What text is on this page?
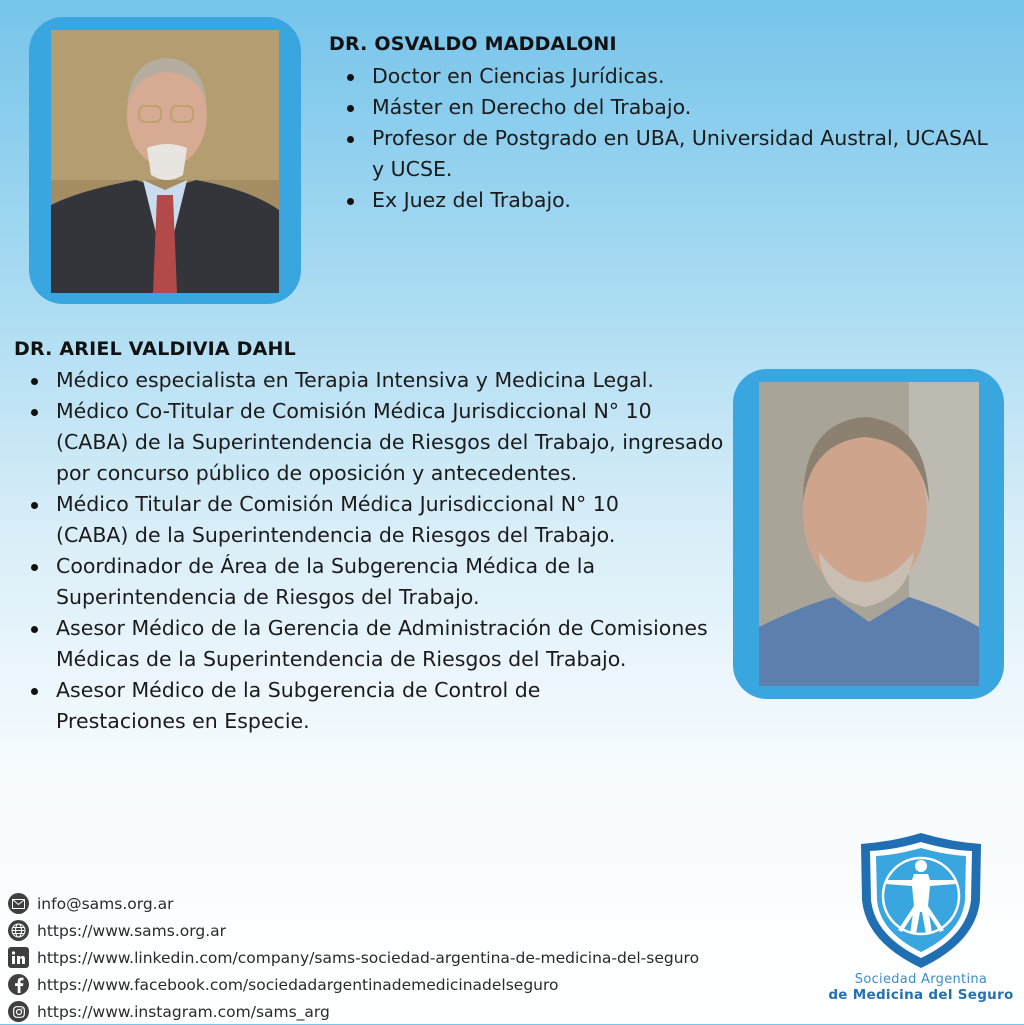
DR. OSVALDO MADDALONI
Doctor en Ciencias Jurídicas.
Máster en Derecho del Trabajo.
Profesor de Postgrado en UBA, Universidad Austral, UCASAL y UCSE.
Ex Juez del Trabajo.
DR. ARIEL VALDIVIA DAHL
Médico especialista en Terapia Intensiva y Medicina Legal.
Médico Co-Titular de Comisión Médica Jurisdiccional N° 10 (CABA) de la Superintendencia de Riesgos del Trabajo, ingresado por concurso público de oposición y antecedentes.
Médico Titular de Comisión Médica Jurisdiccional N° 10 (CABA) de la Superintendencia de Riesgos del Trabajo.
Coordinador de Área de la Subgerencia Médica de la Superintendencia de Riesgos del Trabajo.
Asesor Médico de la Gerencia de Administración de Comisiones Médicas de la Superintendencia de Riesgos del Trabajo.
Asesor Médico de la Subgerencia de Control de Prestaciones en Especie.
info@sams.org.ar
https://www.sams.org.ar
https://www.linkedin.com/company/sams-sociedad-argentina-de-medicina-del-seguro
https://www.facebook.com/sociedadargentinademedicinadelseguro
https://www.instagram.com/sams_arg
Sociedad Argentina
de Medicina del Seguro
